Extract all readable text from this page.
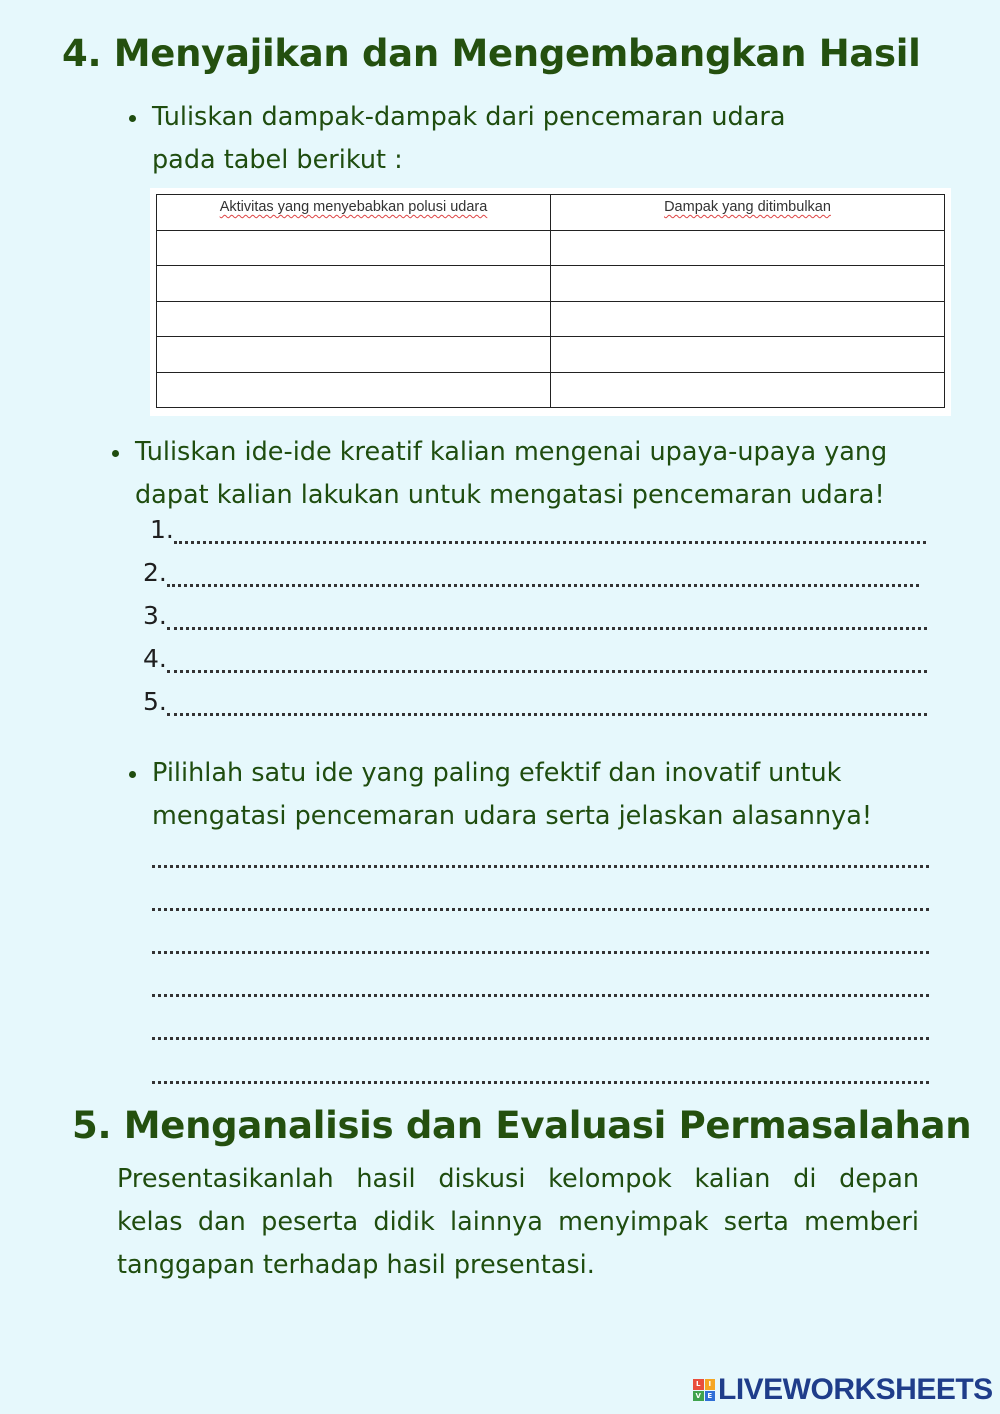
4. Menyajikan dan Mengembangkan Hasil
Tuliskan dampak-dampak dari pencemaran udara
pada tabel berikut :
Aktivitas yang menyebabkan polusi udara	Dampak yang ditimbulkan

Tuliskan ide-ide kreatif kalian mengenai upaya-upaya yang
dapat kalian lakukan untuk mengatasi pencemaran udara!
1.
2.
3.
4.
5.
Pilihlah satu ide yang paling efektif dan inovatif untuk
mengatasi pencemaran udara serta jelaskan alasannya!
5. Menganalisis dan Evaluasi Permasalahan
Presentasikanlah hasil diskusi kelompok kalian di depan
kelas dan peserta didik lainnya menyimpak serta memberi
tanggapan terhadap hasil presentasi.
L	I
V E LIVEWORKSHEETS
